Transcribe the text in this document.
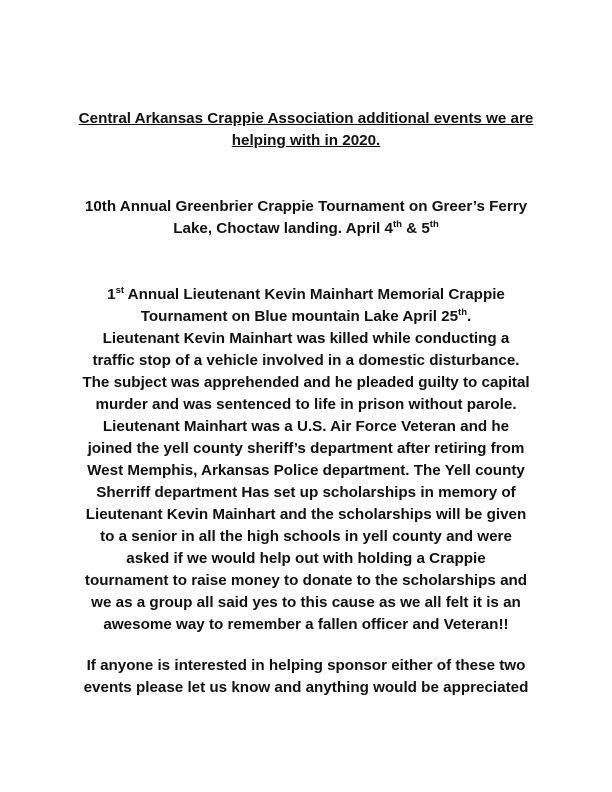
Central Arkansas Crappie Association additional events we are
helping with in 2020.
10th Annual Greenbrier Crappie Tournament on Greer’s Ferry
Lake, Choctaw landing. April 4th & 5th
1st Annual Lieutenant Kevin Mainhart Memorial Crappie
Tournament on Blue mountain Lake April 25th.
Lieutenant Kevin Mainhart was killed while conducting a
traffic stop of a vehicle involved in a domestic disturbance.
The subject was apprehended and he pleaded guilty to capital
murder and was sentenced to life in prison without parole.
Lieutenant Mainhart was a U.S. Air Force Veteran and he
joined the yell county sheriff’s department after retiring from
West Memphis, Arkansas Police department. The Yell county
Sherriff department Has set up scholarships in memory of
Lieutenant Kevin Mainhart and the scholarships will be given
to a senior in all the high schools in yell county and were
asked if we would help out with holding a Crappie
tournament to raise money to donate to the scholarships and
we as a group all said yes to this cause as we all felt it is an
awesome way to remember a fallen officer and Veteran!!
If anyone is interested in helping sponsor either of these two
events please let us know and anything would be appreciated
